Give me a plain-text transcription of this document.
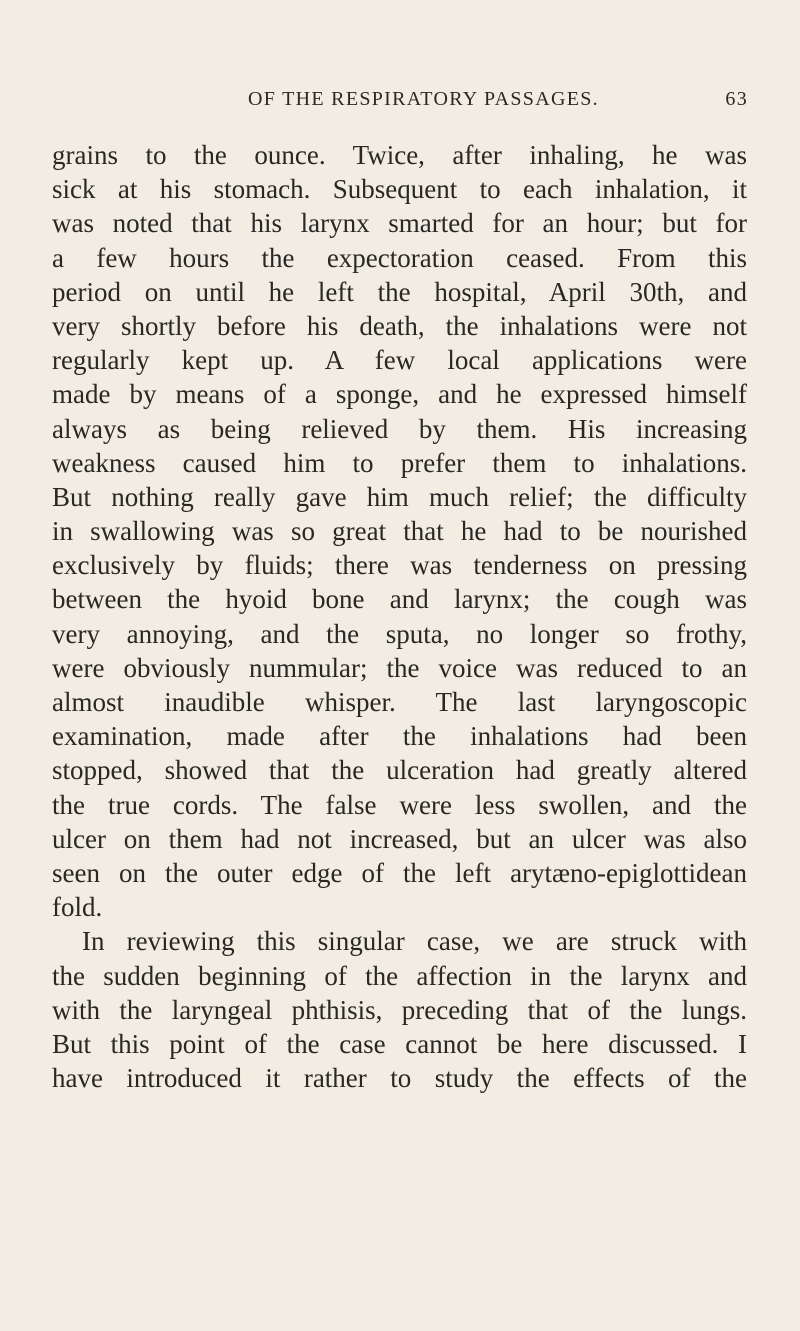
OF THE RESPIRATORY PASSAGES.	63
grains to the ounce. Twice, after inhaling, he was
sick at his stomach. Subsequent to each inhalation, it
was noted that his larynx smarted for an hour; but for
a few hours the expectoration ceased. From this
period on until he left the hospital, April 30th, and
very shortly before his death, the inhalations were not
regularly kept up. A few local applications were
made by means of a sponge, and he expressed himself
always as being relieved by them. His increasing
weakness caused him to prefer them to inhalations.
But nothing really gave him much relief; the difficulty
in swallowing was so great that he had to be nourished
exclusively by fluids; there was tenderness on pressing
between the hyoid bone and larynx; the cough was
very annoying, and the sputa, no longer so frothy,
were obviously nummular; the voice was reduced to an
almost inaudible whisper. The last laryngoscopic
examination, made after the inhalations had been
stopped, showed that the ulceration had greatly altered
the true cords. The false were less swollen, and the
ulcer on them had not increased, but an ulcer was also
seen on the outer edge of the left arytæno-epiglottidean
fold.
In reviewing this singular case, we are struck with
the sudden beginning of the affection in the larynx and
with the laryngeal phthisis, preceding that of the lungs.
But this point of the case cannot be here discussed. I
have introduced it rather to study the effects of the
